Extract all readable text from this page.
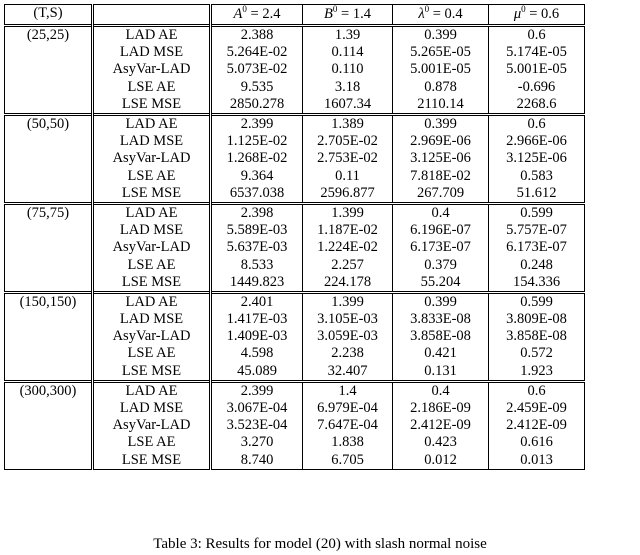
(T,S)		$A^0 = 2.4$	$B^0 = 1.4$	$\lambda^0 = 0.4$	$\mu^0 = 0.6$
(25,25)	LAD AE	2.388	1.39	0.399	0.6
	LAD MSE	5.264E-02	0.114	5.265E-05	5.174E-05
	AsyVar-LAD	5.073E-02	0.110	5.001E-05	5.001E-05
	LSE AE	9.535	3.18	0.878	-0.696
	LSE MSE	2850.278	1607.34	2110.14	2268.6
(50,50)	LAD AE	2.399	1.389	0.399	0.6
	LAD MSE	1.125E-02	2.705E-02	2.969E-06	2.966E-06
	AsyVar-LAD	1.268E-02	2.753E-02	3.125E-06	3.125E-06
	LSE AE	9.364	0.11	7.818E-02	0.583
	LSE MSE	6537.038	2596.877	267.709	51.612
(75,75)	LAD AE	2.398	1.399	0.4	0.599
	LAD MSE	5.589E-03	1.187E-02	6.196E-07	5.757E-07
	AsyVar-LAD	5.637E-03	1.224E-02	6.173E-07	6.173E-07
	LSE AE	8.533	2.257	0.379	0.248
	LSE MSE	1449.823	224.178	55.204	154.336
(150,150)	LAD AE	2.401	1.399	0.399	0.599
	LAD MSE	1.417E-03	3.105E-03	3.833E-08	3.809E-08
	AsyVar-LAD	1.409E-03	3.059E-03	3.858E-08	3.858E-08
	LSE AE	4.598	2.238	0.421	0.572
	LSE MSE	45.089	32.407	0.131	1.923
(300,300)	LAD AE	2.399	1.4	0.4	0.6
	LAD MSE	3.067E-04	6.979E-04	2.186E-09	2.459E-09
	AsyVar-LAD	3.523E-04	7.647E-04	2.412E-09	2.412E-09
	LSE AE	3.270	1.838	0.423	0.616
	LSE MSE	8.740	6.705	0.012	0.013
Table 3: Results for model (20) with slash normal noise
